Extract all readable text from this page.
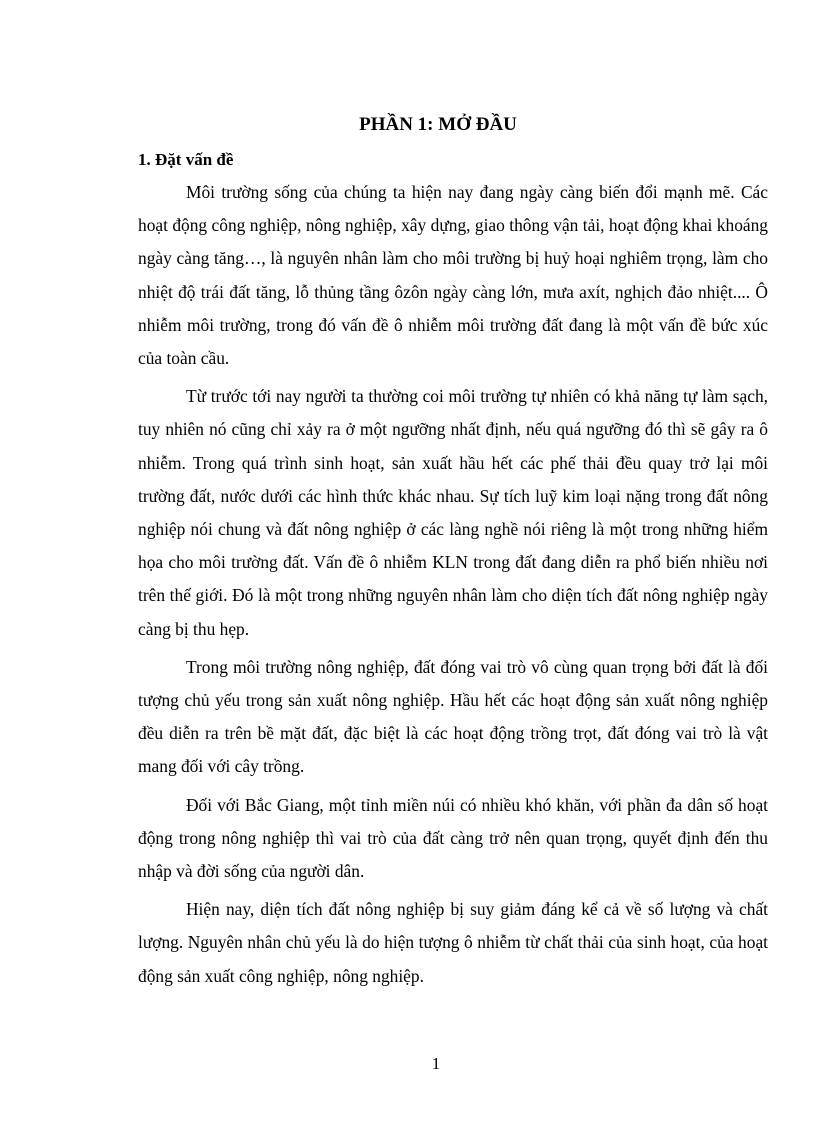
PHẦN 1: MỞ ĐẦU
1. Đặt vấn đề

Môi trường sống của chúng ta hiện nay đang ngày càng biến đổi mạnh mẽ. Các hoạt động công nghiệp, nông nghiệp, xây dựng, giao thông vận tải, hoạt động khai khoáng ngày càng tăng…, là nguyên nhân làm cho môi trường bị huỷ hoại nghiêm trọng, làm cho nhiệt độ trái đất tăng, lỗ thủng tầng ôzôn ngày càng lớn, mưa axít, nghịch đảo nhiệt.... Ô nhiễm môi trường, trong đó vấn đề ô nhiễm môi trường đất đang là một vấn đề bức xúc của toàn cầu.

Từ trước tới nay người ta thường coi môi trường tự nhiên có khả năng tự làm sạch, tuy nhiên nó cũng chỉ xảy ra ở một ngưỡng nhất định, nếu quá ngưỡng đó thì sẽ gây ra ô nhiễm. Trong quá trình sinh hoạt, sản xuất hầu hết các phế thải đều quay trở lại môi trường đất, nước dưới các hình thức khác nhau. Sự tích luỹ kim loại nặng trong đất nông nghiệp nói chung và đất nông nghiệp ở các làng nghề nói riêng là một trong những hiểm họa cho môi trường đất. Vấn đề ô nhiễm KLN trong đất đang diễn ra phổ biến nhiều nơi trên thế giới. Đó là một trong những nguyên nhân làm cho diện tích đất nông nghiệp ngày càng bị thu hẹp.

Trong môi trường nông nghiệp, đất đóng vai trò vô cùng quan trọng bởi đất là đối tượng chủ yếu trong sản xuất nông nghiệp. Hầu hết các hoạt động sản xuất nông nghiệp đều diễn ra trên bề mặt đất, đặc biệt là các hoạt động trồng trọt, đất đóng vai trò là vật mang đối với cây trồng.

Đối với Bắc Giang, một tỉnh miền núi có nhiều khó khăn, với phần đa dân số hoạt động trong nông nghiệp thì vai trò của đất càng trở nên quan trọng, quyết định đến thu nhập và đời sống của người dân.

Hiện nay, diện tích đất nông nghiệp bị suy giảm đáng kể cả về số lượng và chất lượng. Nguyên nhân chủ yếu là do hiện tượng ô nhiễm từ chất thải của sinh hoạt, của hoạt động sản xuất công nghiệp, nông nghiệp.

1
